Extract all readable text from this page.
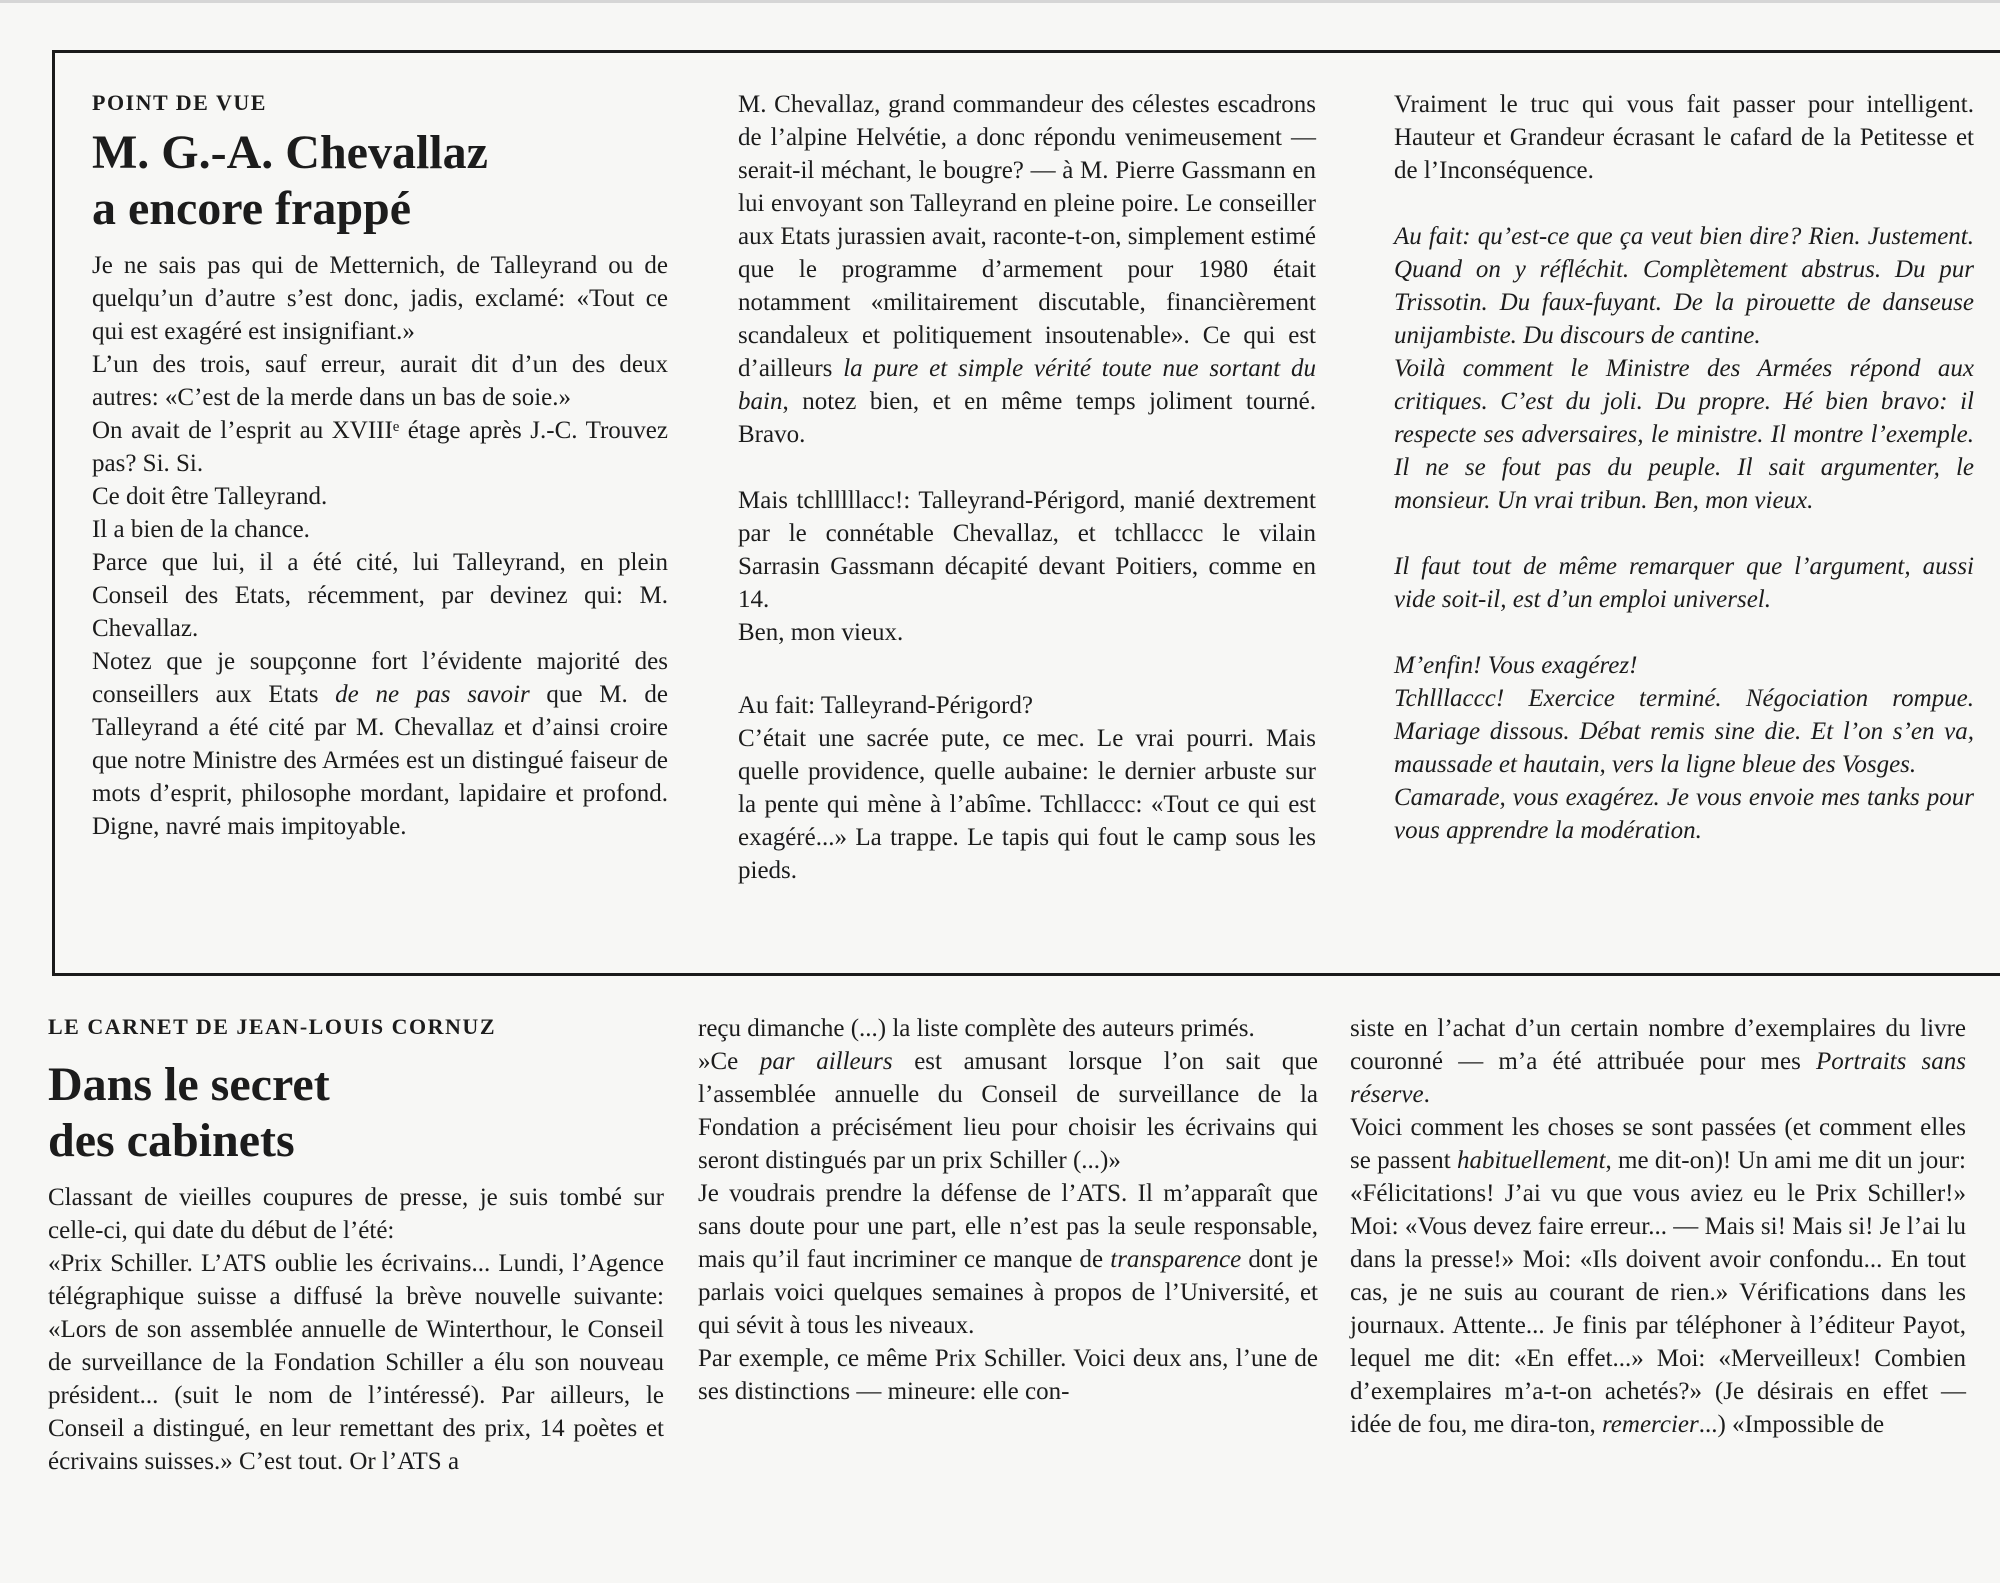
POINT DE VUE
M. G.-A. Chevallaz
a encore frappé

Je ne sais pas qui de Metternich, de Talleyrand ou de quelqu’un d’autre s’est donc, jadis, exclamé: «Tout ce qui est exagéré est insignifiant.»

L’un des trois, sauf erreur, aurait dit d’un des deux autres: «C’est de la merde dans un bas de soie.»

On avait de l’esprit au XVIIIᵉ étage après J.-C. Trouvez pas? Si. Si.

Ce doit être Talleyrand.

Il a bien de la chance.

Parce que lui, il a été cité, lui Talleyrand, en plein Conseil des Etats, récemment, par devinez qui: M. Chevallaz.

Notez que je soupçonne fort l’évidente majorité des conseillers aux Etats de ne pas savoir que M. de Talleyrand a été cité par M. Chevallaz et d’ainsi croire que notre Ministre des Armées est un distingué faiseur de mots d’esprit, philosophe mordant, lapidaire et profond. Digne, navré mais impitoyable.

M. Chevallaz, grand commandeur des célestes escadrons de l’alpine Helvétie, a donc répondu venimeusement — serait-il méchant, le bougre? — à M. Pierre Gassmann en lui envoyant son Talleyrand en pleine poire. Le conseiller aux Etats jurassien avait, raconte-t-on, simplement estimé que le programme d’armement pour 1980 était notamment «militairement discutable, financièrement scandaleux et politiquement insoutenable». Ce qui est d’ailleurs la pure et simple vérité toute nue sortant du bain, notez bien, et en même temps joliment tourné. Bravo.

Mais tchlllllacc!: Talleyrand-Périgord, manié dextrement par le connétable Chevallaz, et tchllaccc le vilain Sarrasin Gassmann décapité devant Poitiers, comme en 14.

Ben, mon vieux.

Au fait: Talleyrand-Périgord?

C’était une sacrée pute, ce mec. Le vrai pourri. Mais quelle providence, quelle aubaine: le dernier arbuste sur la pente qui mène à l’abîme. Tchllaccc: «Tout ce qui est exagéré...» La trappe. Le tapis qui fout le camp sous les pieds.

Vraiment le truc qui vous fait passer pour intelligent. Hauteur et Grandeur écrasant le cafard de la Petitesse et de l’Inconséquence.

Au fait: qu’est-ce que ça veut bien dire? Rien. Justement. Quand on y réfléchit. Complètement abstrus. Du pur Trissotin. Du faux-fuyant. De la pirouette de danseuse unijambiste. Du discours de cantine.

Voilà comment le Ministre des Armées répond aux critiques. C’est du joli. Du propre. Hé bien bravo: il respecte ses adversaires, le ministre. Il montre l’exemple. Il ne se fout pas du peuple. Il sait argumenter, le monsieur. Un vrai tribun. Ben, mon vieux.

Il faut tout de même remarquer que l’argument, aussi vide soit-il, est d’un emploi universel.

M’enfin! Vous exagérez!

Tchlllaccc! Exercice terminé. Négociation rompue. Mariage dissous. Débat remis sine die. Et l’on s’en va, maussade et hautain, vers la ligne bleue des Vosges.

Camarade, vous exagérez. Je vous envoie mes tanks pour vous apprendre la modération.

LE CARNET DE JEAN-LOUIS CORNUZ
Dans le secret
des cabinets

Classant de vieilles coupures de presse, je suis tombé sur celle-ci, qui date du début de l’été:

«Prix Schiller. L’ATS oublie les écrivains... Lundi, l’Agence télégraphique suisse a diffusé la brève nouvelle suivante: «Lors de son assemblée annuelle de Winterthour, le Conseil de surveillance de la Fondation Schiller a élu son nouveau président... (suit le nom de l’intéressé). Par ailleurs, le Conseil a distingué, en leur remettant des prix, 14 poètes et écrivains suisses.» C’est tout. Or l’ATS a

reçu dimanche (...) la liste complète des auteurs primés.

»Ce par ailleurs est amusant lorsque l’on sait que l’assemblée annuelle du Conseil de surveillance de la Fondation a précisément lieu pour choisir les écrivains qui seront distingués par un prix Schiller (...)»

Je voudrais prendre la défense de l’ATS. Il m’apparaît que sans doute pour une part, elle n’est pas la seule responsable, mais qu’il faut incriminer ce manque de transparence dont je parlais voici quelques semaines à propos de l’Université, et qui sévit à tous les niveaux.

Par exemple, ce même Prix Schiller. Voici deux ans, l’une de ses distinctions — mineure: elle con-

siste en l’achat d’un certain nombre d’exemplaires du livre couronné — m’a été attribuée pour mes Portraits sans réserve.

Voici comment les choses se sont passées (et comment elles se passent habituellement, me dit-on)! Un ami me dit un jour: «Félicitations! J’ai vu que vous aviez eu le Prix Schiller!» Moi: «Vous devez faire erreur... — Mais si! Mais si! Je l’ai lu dans la presse!» Moi: «Ils doivent avoir confondu... En tout cas, je ne suis au courant de rien.» Vérifications dans les journaux. Attente... Je finis par téléphoner à l’éditeur Payot, lequel me dit: «En effet...» Moi: «Merveilleux! Combien d’exemplaires m’a-t-on achetés?» (Je désirais en effet — idée de fou, me dira-ton, remercier...) «Impossible de
